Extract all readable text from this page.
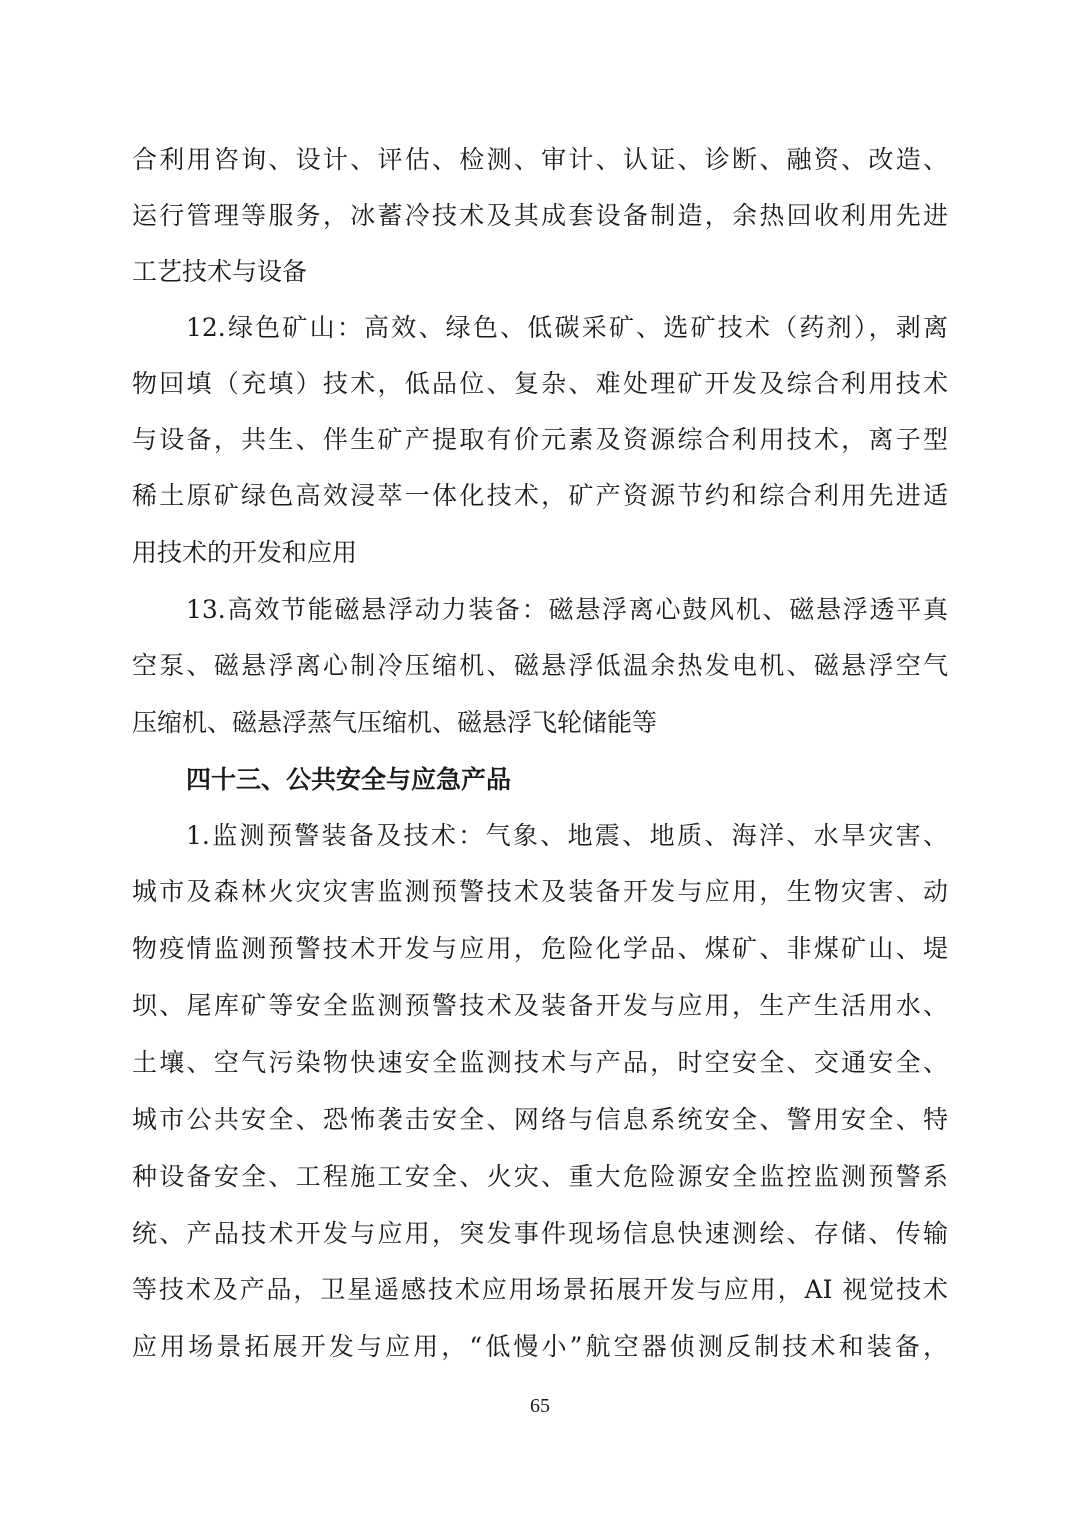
合利用咨询、设计、评估、检测、审计、认证、诊断、融资、改造、
运行管理等服务，冰蓄冷技术及其成套设备制造，余热回收利用先进
工艺技术与设备
12.绿色矿山：高效、绿色、低碳采矿、选矿技术（药剂），剥离
物回填（充填）技术，低品位、复杂、难处理矿开发及综合利用技术
与设备，共生、伴生矿产提取有价元素及资源综合利用技术，离子型
稀土原矿绿色高效浸萃一体化技术，矿产资源节约和综合利用先进适
用技术的开发和应用
13.高效节能磁悬浮动力装备：磁悬浮离心鼓风机、磁悬浮透平真
空泵、磁悬浮离心制冷压缩机、磁悬浮低温余热发电机、磁悬浮空气
压缩机、磁悬浮蒸气压缩机、磁悬浮飞轮储能等
四十三、公共安全与应急产品
1.监测预警装备及技术：气象、地震、地质、海洋、水旱灾害、
城市及森林火灾灾害监测预警技术及装备开发与应用，生物灾害、动
物疫情监测预警技术开发与应用，危险化学品、煤矿、非煤矿山、堤
坝、尾库矿等安全监测预警技术及装备开发与应用，生产生活用水、
土壤、空气污染物快速安全监测技术与产品，时空安全、交通安全、
城市公共安全、恐怖袭击安全、网络与信息系统安全、警用安全、特
种设备安全、工程施工安全、火灾、重大危险源安全监控监测预警系
统、产品技术开发与应用，突发事件现场信息快速测绘、存储、传输
等技术及产品，卫星遥感技术应用场景拓展开发与应用，AI 视觉技术
应用场景拓展开发与应用，“低慢小”航空器侦测反制技术和装备，
65
